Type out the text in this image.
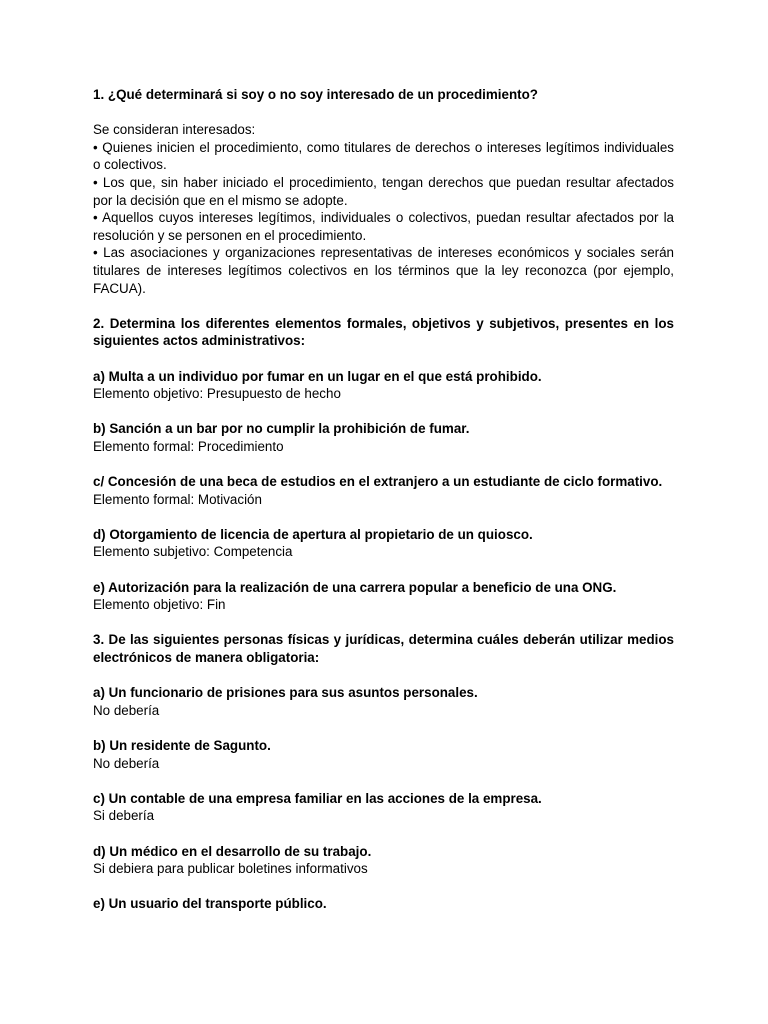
1. ¿Qué determinará si soy o no soy interesado de un procedimiento?

Se consideran interesados:

• Quienes inicien el procedimiento, como titulares de derechos o intereses legítimos individuales o colectivos.

• Los que, sin haber iniciado el procedimiento, tengan derechos que puedan resultar afectados por la decisión que en el mismo se adopte.

• Aquellos cuyos intereses legítimos, individuales o colectivos, puedan resultar afectados por la resolución y se personen en el procedimiento.

• Las asociaciones y organizaciones representativas de intereses económicos y sociales serán titulares de intereses legítimos colectivos en los términos que la ley reconozca (por ejemplo, FACUA).

2. Determina los diferentes elementos formales, objetivos y subjetivos, presentes en los siguientes actos administrativos:

a) Multa a un individuo por fumar en un lugar en el que está prohibido.

Elemento objetivo: Presupuesto de hecho

b) Sanción a un bar por no cumplir la prohibición de fumar.

Elemento formal: Procedimiento

c/ Concesión de una beca de estudios en el extranjero a un estudiante de ciclo formativo.

Elemento formal: Motivación

d) Otorgamiento de licencia de apertura al propietario de un quiosco.

Elemento subjetivo: Competencia

e) Autorización para la realización de una carrera popular a beneficio de una ONG.

Elemento objetivo: Fin

3. De las siguientes personas físicas y jurídicas, determina cuáles deberán utilizar medios electrónicos de manera obligatoria:

a) Un funcionario de prisiones para sus asuntos personales.

No debería

b) Un residente de Sagunto.

No debería

c) Un contable de una empresa familiar en las acciones de la empresa.

Si debería

d) Un médico en el desarrollo de su trabajo.

Si debiera para publicar boletines informativos

e) Un usuario del transporte público.
